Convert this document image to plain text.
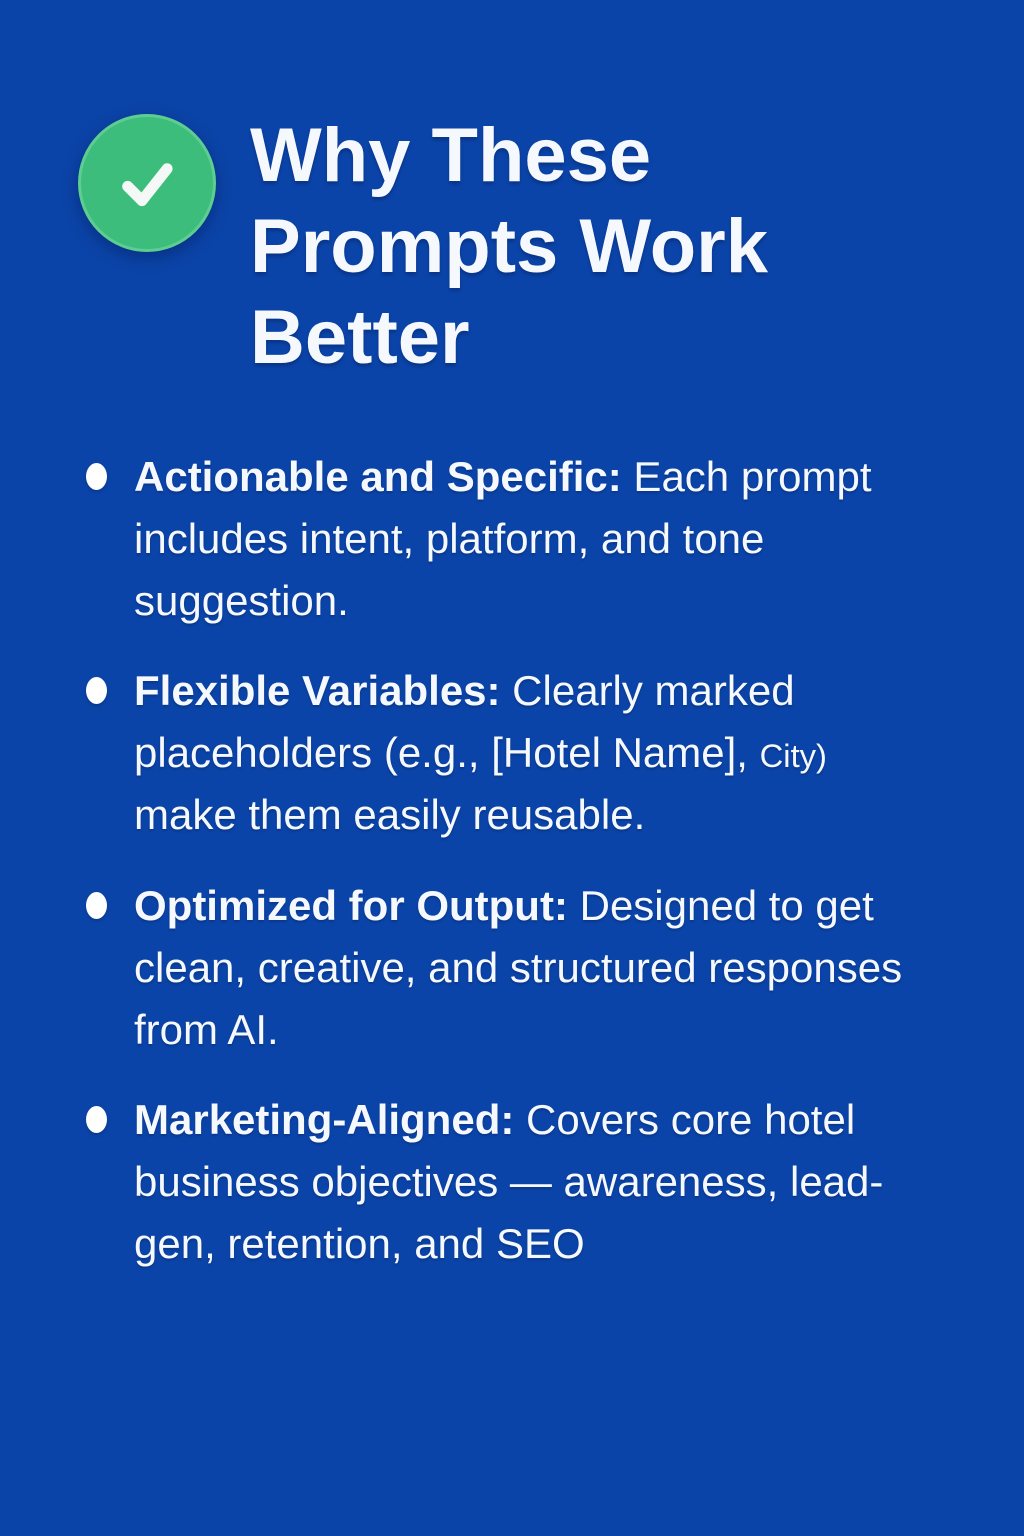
Why These
Prompts Work
Better

Actionable and Specific: Each prompt includes intent, platform, and tone suggestion.

Flexible Variables: Clearly marked placeholders (e.g., [Hotel Name], City) make them easily reusable.

Optimized for Output: Designed to get clean, creative, and structured responses from AI.

Marketing-Aligned: Covers core hotel business objectives — awareness, lead-gen, retention, and SEO
